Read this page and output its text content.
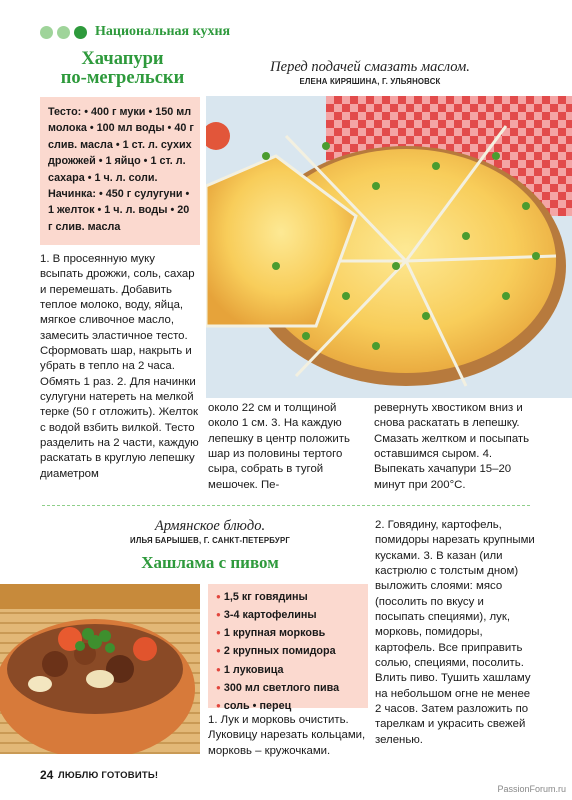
Национальная кухня
Хачапури
по-мегрельски
Перед подачей смазать маслом.
ЕЛЕНА КИРЯШИНА, Г. УЛЬЯНОВСК
Тесто: • 400 г муки • 150 мл молока • 100 мл воды • 40 г слив. масла • 1 ст. л. сухих дрожжей • 1 яйцо • 1 ст. л. сахара • 1 ч. л. соли. Начинка: • 450 г сулугуни • 1 желток • 1 ч. л. воды • 20 г слив. масла
1. В просеянную муку всыпать дрожжи, соль, сахар и перемешать. Добавить теплое молоко, воду, яйца, мягкое сливочное масло, замесить эластичное тесто. Сформовать шар, накрыть и убрать в тепло на 2 часа. Обмять 1 раз. 2. Для начинки сулугуни натереть на мелкой терке (50 г отложить). Желток с водой взбить вилкой. Тесто разделить на 2 части, каждую раскатать в круглую лепешку диаметром
около 22 см и толщиной около 1 см. 3. На каждую лепешку в центр положить шар из половины тертого сыра, собрать в тугой мешочек. Пе-
ревернуть хвостиком вниз и снова раскатать в лепешку. Смазать желтком и посыпать оставшимся сыром. 4. Выпекать хачапури 15–20 минут при 200°С.
Армянское блюдо.
ИЛЬЯ БАРЫШЕВ, Г. САНКТ-ПЕТЕРБУРГ
Хашлама с пивом
● 1,5 кг говядины
● 3-4 картофелины
● 1 крупная морковь
● 2 крупных помидора
● 1 луковица
● 300 мл светлого пива
● соль • перец
1. Лук и морковь очистить. Луковицу нарезать кольцами, морковь – кружочками.
2. Говядину, картофель, помидоры нарезать крупными кусками. 3. В казан (или кастрюлю с толстым дном) выложить слоями: мясо (посолить по вкусу и посыпать специями), лук, морковь, помидоры, картофель. Все приправить солью, специями, посолить. Влить пиво. Тушить хашламу на небольшом огне не менее 2 часов. Затем разложить по тарелкам и украсить свежей зеленью.
24 ЛЮБЛЮ ГОТОВИТЬ!
PassionForum.ru
